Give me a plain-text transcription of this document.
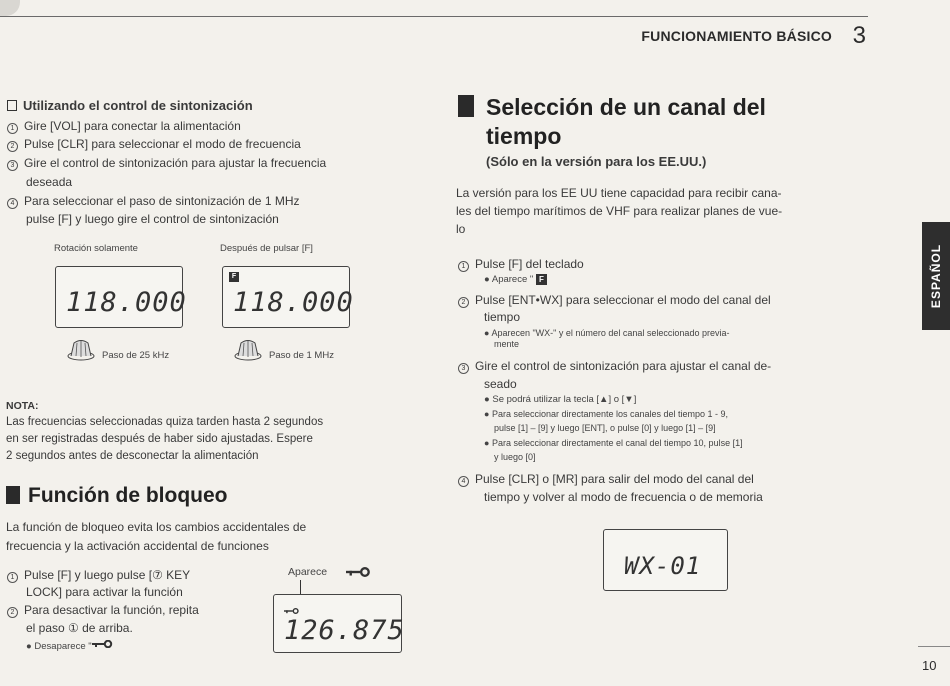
FUNCIONAMIENTO BÁSICO 3
ESPAÑOL
10
Utilizando el control de sintonización
1 Gire [VOL] para conectar la alimentación
2 Pulse [CLR] para seleccionar el modo de frecuencia
3 Gire el control de sintonización para ajustar la frecuencia
deseada
4 Para seleccionar el paso de sintonización de 1 MHz
pulse [F] y luego gire el control de sintonización
Rotación solamente	Después de pulsar [F]
118.000
F
118.000
Paso de 25 kHz	Paso de 1 MHz
NOTA:
Las frecuencias seleccionadas quiza tarden hasta 2 segundos
en ser registradas después de haber sido ajustadas. Espere
2 segundos antes de desconectar la alimentación
Función de bloqueo
La función de bloqueo evita los cambios accidentales de
frecuencia y la activación accidental de funciones
1 Pulse [F] y luego pulse [⑦ KEY
LOCK] para activar la función
2 Para desactivar la función, repita
el paso ① de arriba.
● Desaparece "
Aparece
126.875
Selección de un canal del
tiempo
(Sólo en la versión para los EE.UU.)
La versión para los EE UU tiene capacidad para recibir cana-
les del tiempo marítimos de VHF para realizar planes de vue-
lo
1 Pulse [F] del teclado
● Aparece " F
2 Pulse [ENT•WX] para seleccionar el modo del canal del
tiempo
● Aparecen "WX-" y el número del canal seleccionado previa-
mente
3 Gire el control de sintonización para ajustar el canal de-
seado
● Se podrá utilizar la tecla [▲] o [▼]
● Para seleccionar directamente los canales del tiempo 1 - 9,
pulse [1] – [9] y luego [ENT], o pulse [0] y luego [1] – [9]
● Para seleccionar directamente el canal del tiempo 10, pulse [1]
y luego [0]
4 Pulse [CLR] o [MR] para salir del modo del canal del
tiempo y volver al modo de frecuencia o de memoria
WX-01
